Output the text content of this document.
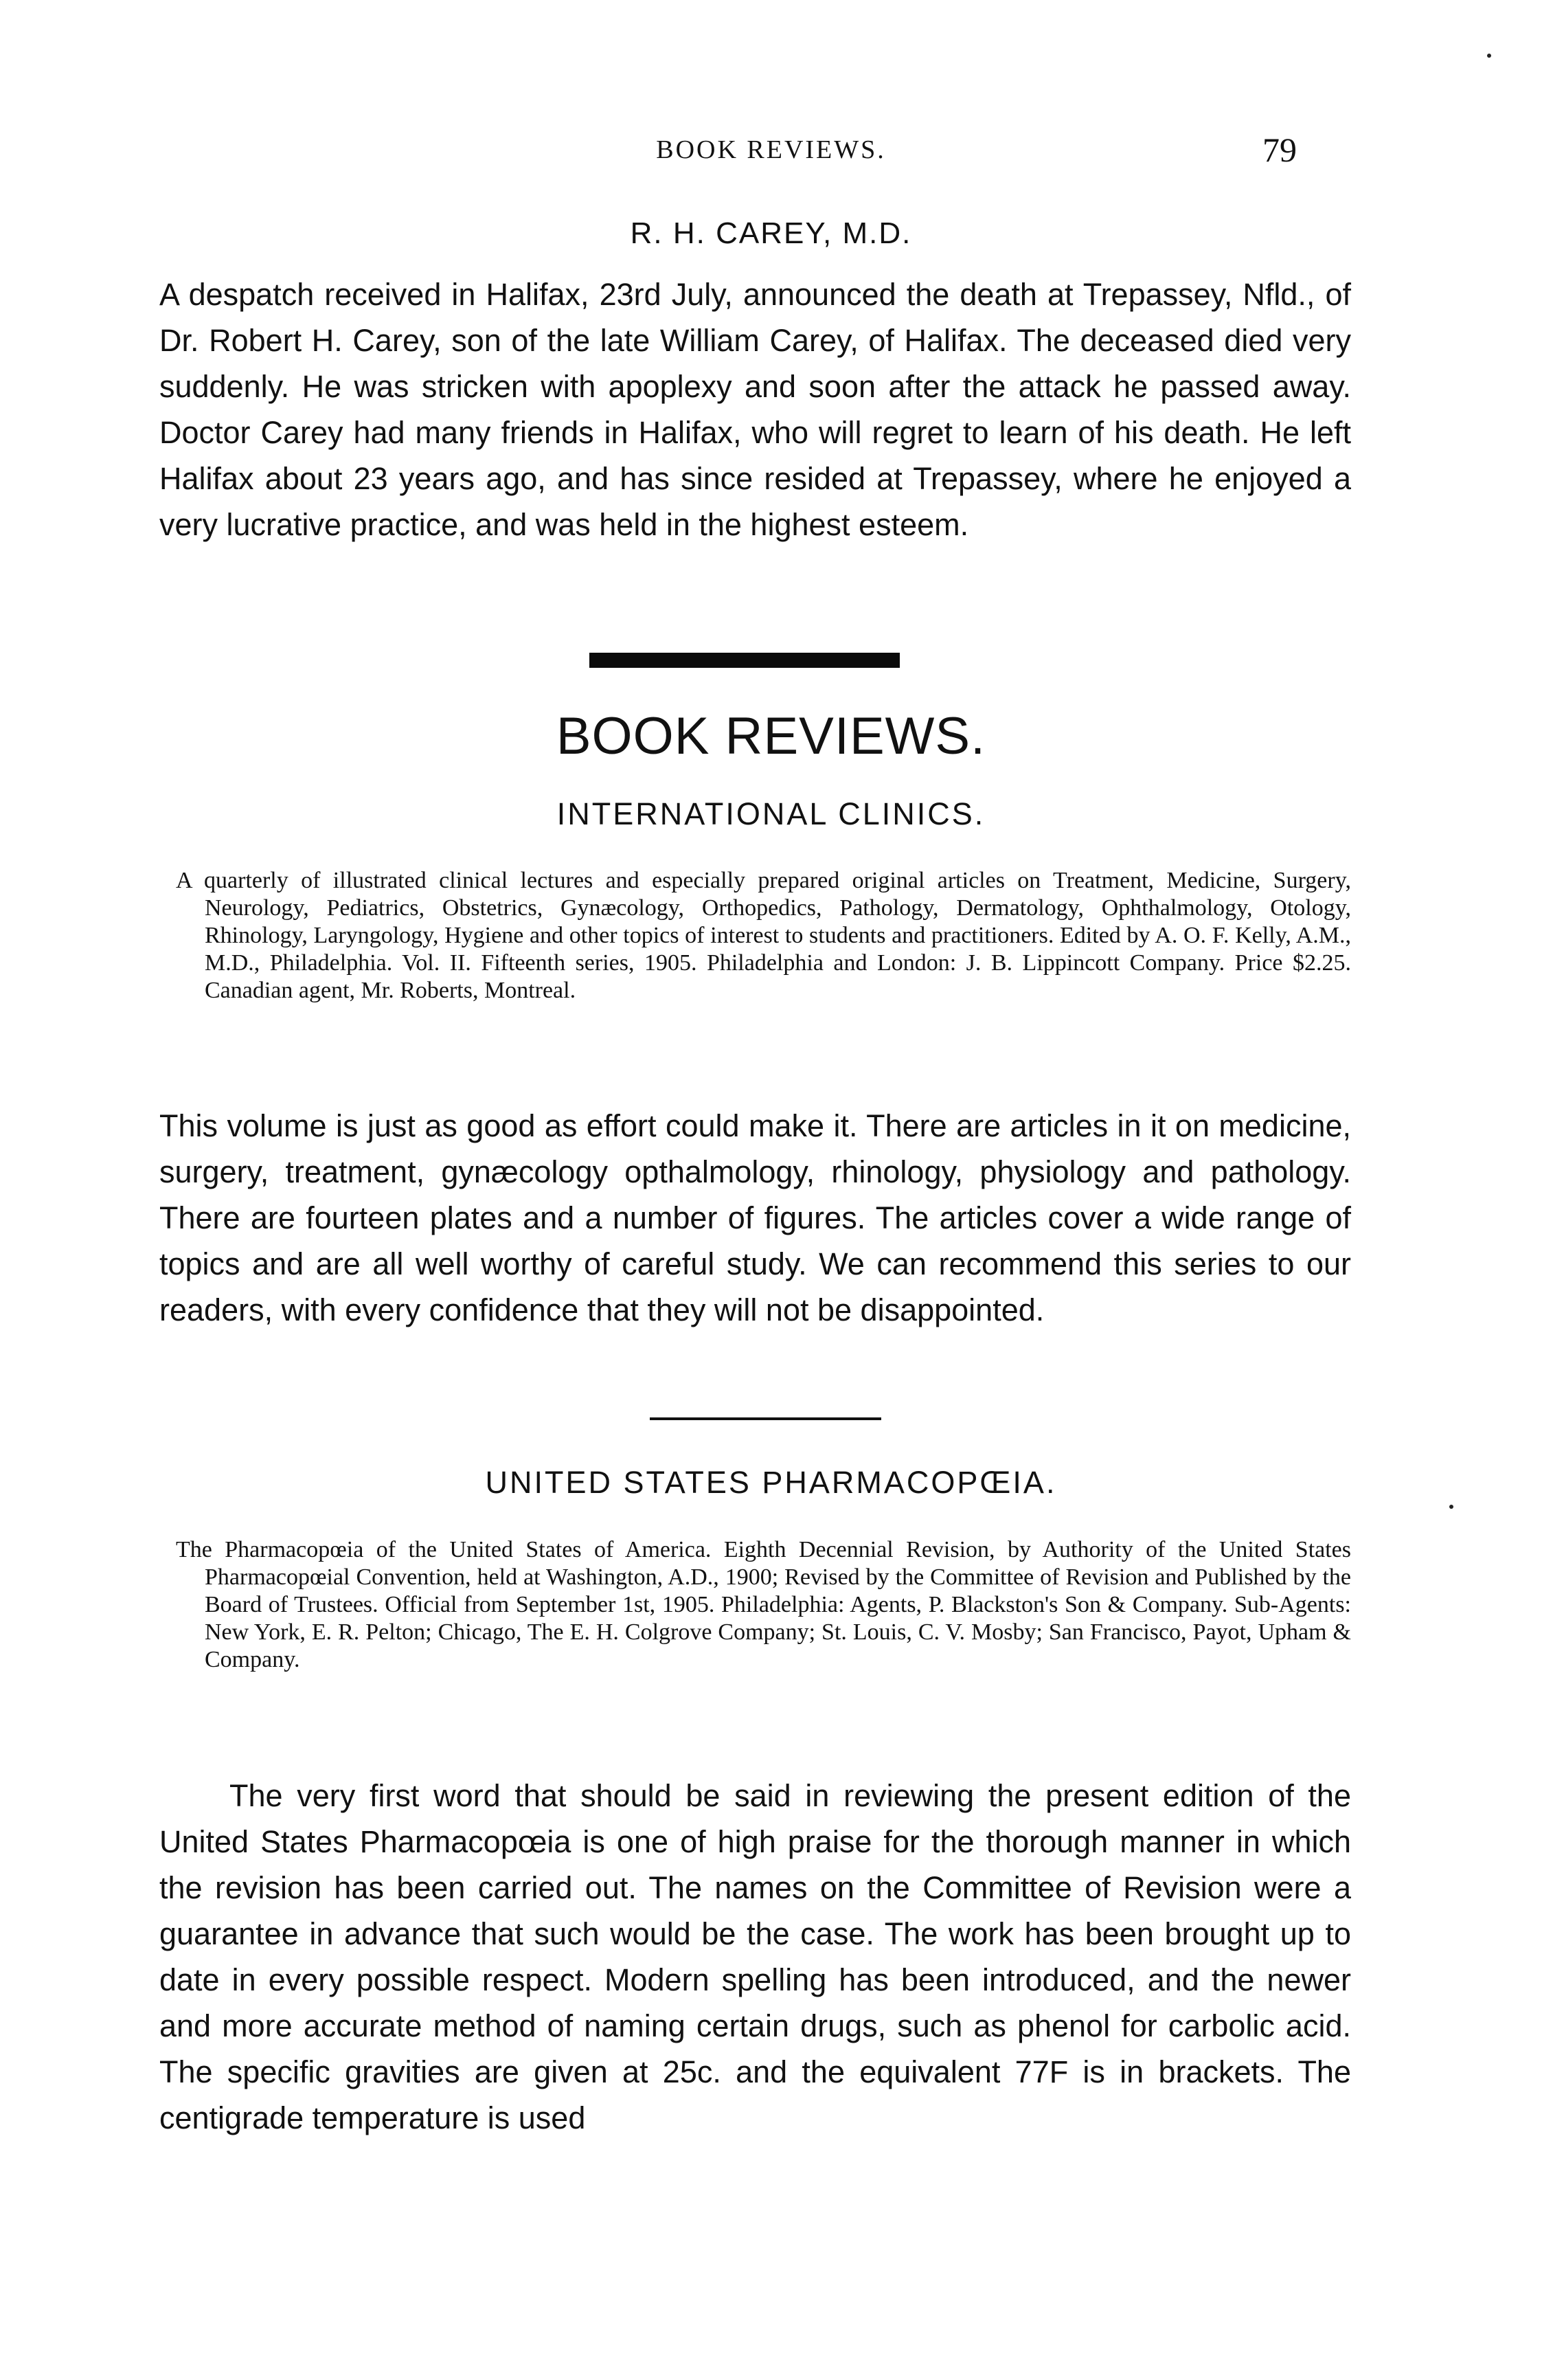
BOOK REVIEWS.	79
R. H. CAREY, M.D.

A despatch received in Halifax, 23rd July, announced the death at Trepassey, Nfld., of Dr. Robert H. Carey, son of the late William Carey, of Halifax. The deceased died very suddenly. He was stricken with apoplexy and soon after the attack he passed away. Doctor Carey had many friends in Halifax, who will regret to learn of his death. He left Halifax about 23 years ago, and has since resided at Trepassey, where he enjoyed a very lucrative practice, and was held in the highest esteem.

BOOK REVIEWS.
INTERNATIONAL CLINICS.

A quarterly of illustrated clinical lectures and especially prepared original articles on Treatment, Medicine, Surgery, Neurology, Pediatrics, Obstetrics, Gynæcology, Orthopedics, Pathology, Dermatology, Ophthalmology, Otology, Rhinology, Laryngology, Hygiene and other topics of interest to students and practitioners. Edited by A. O. F. Kelly, A.M., M.D., Philadelphia. Vol. II. Fifteenth series, 1905. Philadelphia and London: J. B. Lippincott Company. Price $2.25. Canadian agent, Mr. Roberts, Montreal.

This volume is just as good as effort could make it. There are articles in it on medicine, surgery, treatment, gynæcology opthalmology, rhinology, physiology and pathology. There are fourteen plates and a number of figures. The articles cover a wide range of topics and are all well worthy of careful study. We can recommend this series to our readers, with every confidence that they will not be disappointed.

UNITED STATES PHARMACOPŒIA.

The Pharmacopœia of the United States of America. Eighth Decennial Revision, by Authority of the United States Pharmacopœial Convention, held at Washington, A.D., 1900; Revised by the Committee of Revision and Published by the Board of Trustees. Official from September 1st, 1905. Philadelphia: Agents, P. Blackston's Son & Company. Sub-Agents: New York, E. R. Pelton; Chicago, The E. H. Colgrove Company; St. Louis, C. V. Mosby; San Francisco, Payot, Upham & Company.

The very first word that should be said in reviewing the present edition of the United States Pharmacopœia is one of high praise for the thorough manner in which the revision has been carried out. The names on the Committee of Revision were a guarantee in advance that such would be the case. The work has been brought up to date in every possible respect. Modern spelling has been introduced, and the newer and more accurate method of naming certain drugs, such as phenol for carbolic acid. The specific gravities are given at 25c. and the equivalent 77F is in brackets. The centigrade temperature is used
